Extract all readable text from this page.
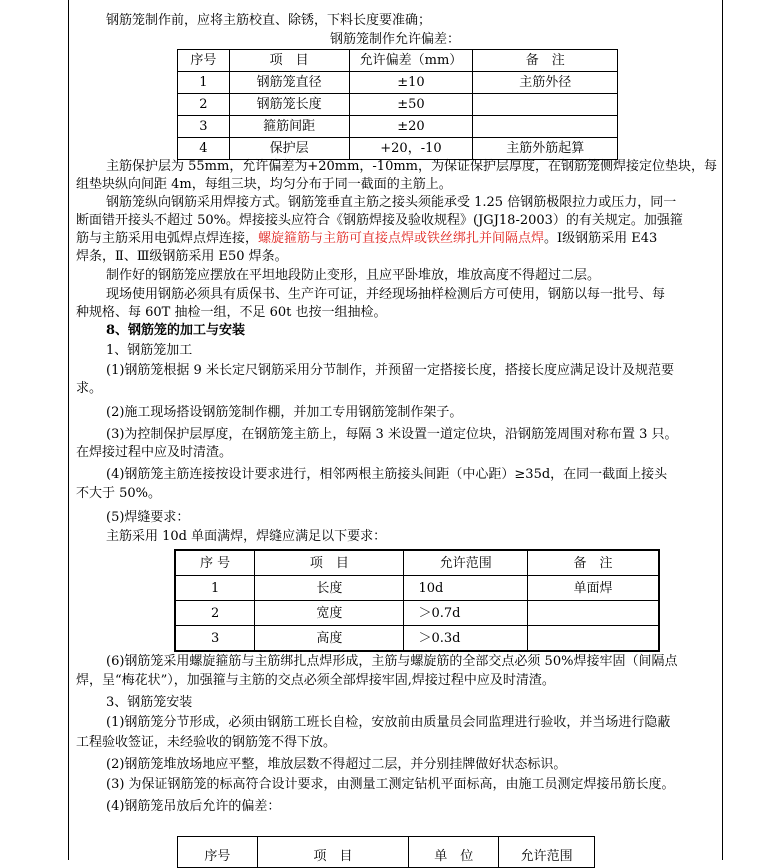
钢筋笼制作前，应将主筋校直、除锈，下料长度要准确；
钢筋笼制作允许偏差：
序号	项　目	允许偏差（mm）	备　注
1	钢筋笼直径	±10	主筋外径
2	钢筋笼长度	±50	
3	箍筋间距	±20	
4	保护层	+20，-10	主筋外筋起算
主筋保护层为 55mm，允许偏差为+20mm，-10mm，为保证保护层厚度，在钢筋笼侧焊接定位垫块，每
组垫块纵向间距 4m，每组三块，均匀分布于同一截面的主筋上。
钢筋笼纵向钢筋采用焊接方式。钢筋笼垂直主筋之接头须能承受 1.25 倍钢筋极限拉力或压力，同一
断面错开接头不超过 50%。焊接接头应符合《钢筋焊接及验收规程》(JGJ18-2003）的有关规定。加强箍
筋与主筋采用电弧焊点焊连接，螺旋箍筋与主筋可直接点焊或铁丝绑扎并间隔点焊。Ⅰ级钢筋采用 E43
焊条，Ⅱ、Ⅲ级钢筋采用 E50 焊条。
制作好的钢筋笼应摆放在平坦地段防止变形，且应平卧堆放，堆放高度不得超过二层。
现场使用钢筋必须具有质保书、生产许可证，并经现场抽样检测后方可使用，钢筋以每一批号、每
种规格、每 60T 抽检一组，不足 60t 也按一组抽检。
8、钢筋笼的加工与安装
1、钢筋笼加工
(1)钢筋笼根据 9 米长定尺钢筋采用分节制作，并预留一定搭接长度，搭接长度应满足设计及规范要
求。
(2)施工现场搭设钢筋笼制作棚，并加工专用钢筋笼制作架子。
(3)为控制保护层厚度，在钢筋笼主筋上，每隔 3 米设置一道定位块，沿钢筋笼周围对称布置 3 只。
在焊接过程中应及时清渣。
(4)钢筋笼主筋连接按设计要求进行，相邻两根主筋接头间距（中心距）≥35d，在同一截面上接头
不大于 50%。
(5)焊缝要求：
主筋采用 10d 单面满焊，焊缝应满足以下要求：
序 号	项　目	允许范围	备　注
1	长度	10d	单面焊
2	宽度	＞0.7d	
3	高度	＞0.3d	
(6)钢筋笼采用螺旋箍筋与主筋绑扎点焊形成，主筋与螺旋筋的全部交点必须 50%焊接牢固（间隔点
焊，呈“梅花状”），加强箍与主筋的交点必须全部焊接牢固,焊接过程中应及时清渣。
3、钢筋笼安装
(1)钢筋笼分节形成，必须由钢筋工班长自检，安放前由质量员会同监理进行验收，并当场进行隐蔽
工程验收签证，未经验收的钢筋笼不得下放。
(2)钢筋笼堆放场地应平整，堆放层数不得超过二层，并分别挂牌做好状态标识。
(3) 为保证钢筋笼的标高符合设计要求，由测量工测定钻机平面标高，由施工员测定焊接吊筋长度。
(4)钢筋笼吊放后允许的偏差：
序号	项　目	单　位	允许范围
